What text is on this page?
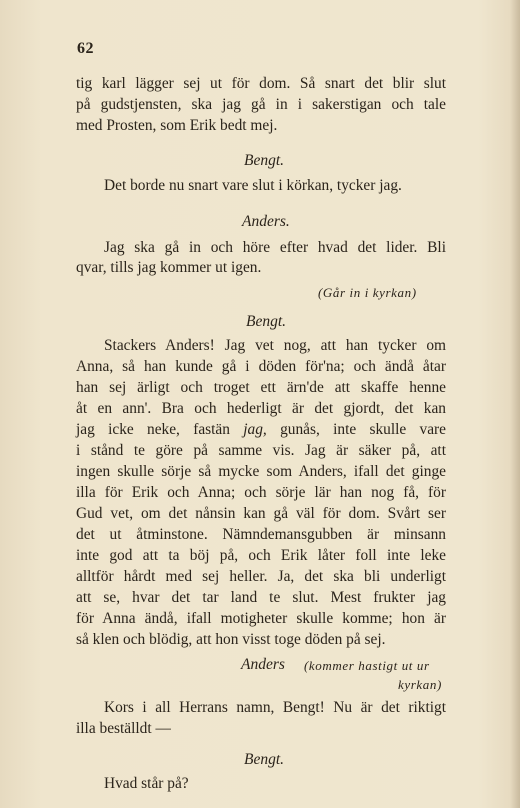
62
tig karl lägger sej ut för dom. Så snart det blir slut
på gudstjensten, ska jag gå in i sakerstigan och tale
med Prosten, som Erik bedt mej.
Bengt.
Det borde nu snart vare slut i körkan, tycker jag.
Anders.
Jag ska gå in och höre efter hvad det lider. Bli
qvar, tills jag kommer ut igen.
(Går in i kyrkan)
Bengt.
Stackers Anders! Jag vet nog, att han tycker om
Anna, så han kunde gå i döden för'na; och ändå åtar
han sej ärligt och troget ett ärn'de att skaffe henne
åt en ann'. Bra och hederligt är det gjordt, det kan
jag icke neke, fastän jag, gunås, inte skulle vare
i stånd te göre på samme vis. Jag är säker på, att
ingen skulle sörje så mycke som Anders, ifall det ginge
illa för Erik och Anna; och sörje lär han nog få, för
Gud vet, om det nånsin kan gå väl för dom. Svårt ser
det ut åtminstone. Nämndemansgubben är minsann
inte god att ta böj på, och Erik låter foll inte leke
alltför hårdt med sej heller. Ja, det ska bli underligt
att se, hvar det tar land te slut. Mest frukter jag
för Anna ändå, ifall motigheter skulle komme; hon är
så klen och blödig, att hon visst toge döden på sej.
Anders (kommer hastigt ut ur
kyrkan)
Kors i all Herrans namn, Bengt! Nu är det riktigt
illa beställdt —
Bengt.
Hvad står på?
